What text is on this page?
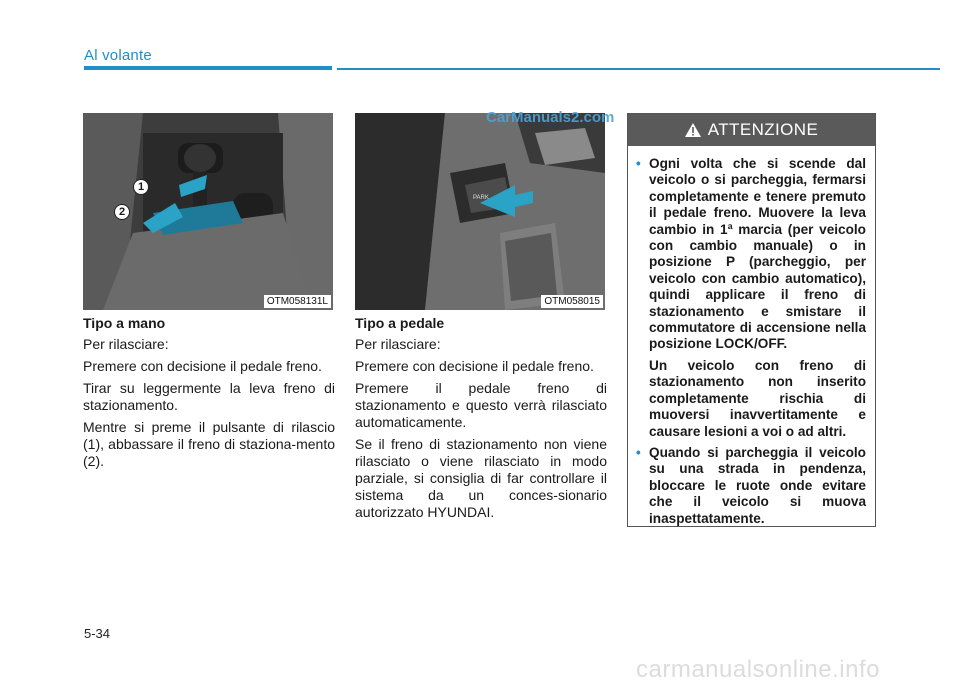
Al volante
1
2
OTM058131L
PARK
OTM058015
CarManuals2.com

Tipo a mano

Per rilasciare:

Premere con decisione il pedale freno.

Tirar su leggermente la leva freno di stazionamento.

Mentre si preme il pulsante di rilascio (1), abbassare il freno di staziona-mento (2).

Tipo a pedale

Per rilasciare:

Premere con decisione il pedale freno.

Premere il pedale freno di stazionamento e questo verrà rilasciato automaticamente.

Se il freno di stazionamento non viene rilasciato o viene rilasciato in modo parziale, si consiglia di far controllare il sistema da un conces-sionario autorizzato HYUNDAI.

ATTENZIONE
• Ogni volta che si scende dal veicolo o si parcheggia, fermarsi completamente e tenere premuto il pedale freno. Muovere la leva cambio in 1ª marcia (per veicolo con cambio manuale) o in posizione P (parcheggio, per veicolo con cambio automatico), quindi applicare il freno di stazionamento e smistare il commutatore di accensione nella posizione LOCK/OFF.
Un veicolo con freno di stazionamento non inserito completamente rischia di muoversi inavvertitamente e causare lesioni a voi o ad altri.
• Quando si parcheggia il veicolo su una strada in pendenza, bloccare le ruote onde evitare che il veicolo si muova inaspettatamente.
5-34
carmanualsonline.info
